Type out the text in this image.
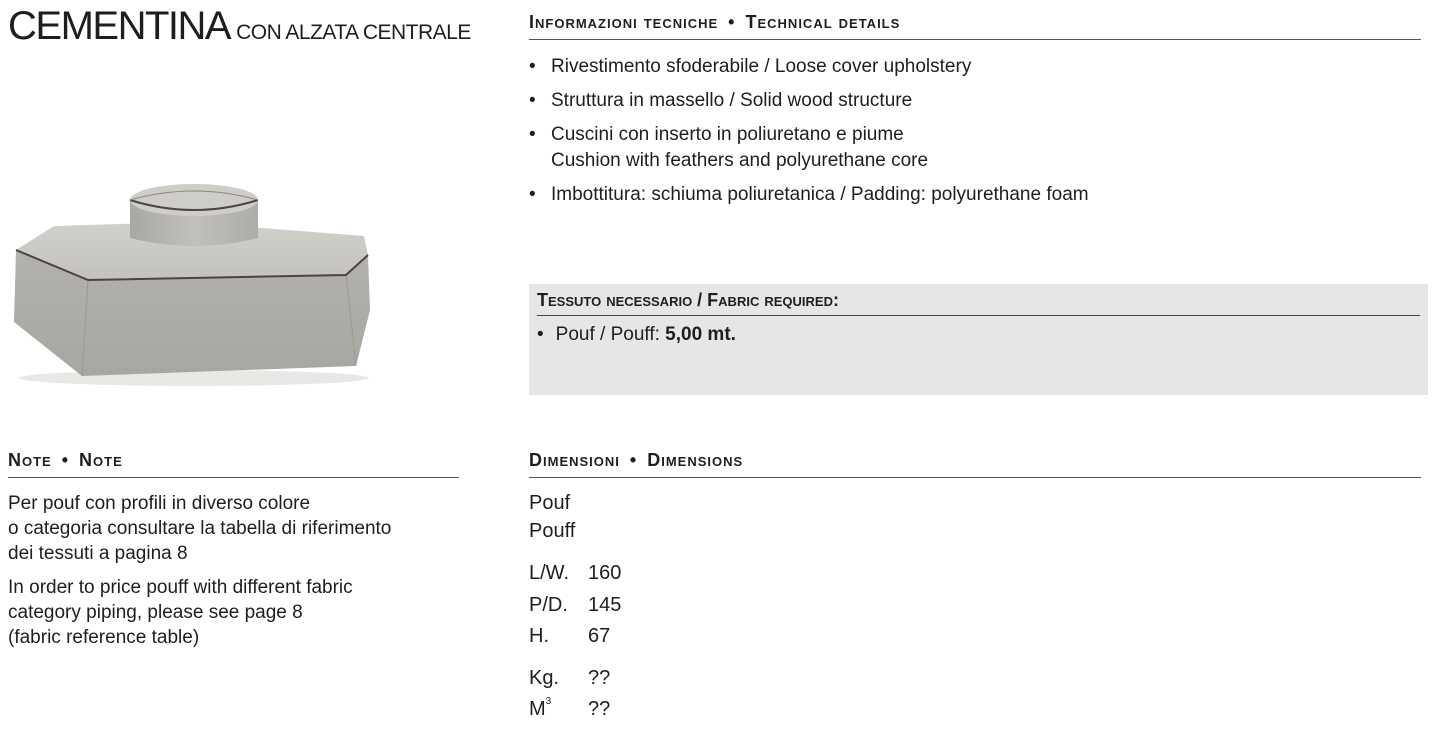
CEMENTINA CON ALZATA CENTRALE	Informazioni tecniche • Technical details
• Rivestimento sfoderabile / Loose cover upholstery
• Struttura in massello / Solid wood structure
• Cuscini con inserto in poliuretano e piume
Cushion with feathers and polyurethane core
• Imbottitura: schiuma poliuretanica / Padding: polyurethane foam
Tessuto necessario / Fabric required:
• Pouf / Pouff: 5,00 mt.
Note • Note
Per pouf con profili in diverso colore
o categoria consultare la tabella di riferimento
dei tessuti a pagina 8
In order to price pouff with different fabric
category piping, please see page 8
(fabric reference table)
Dimensioni • Dimensions
Pouf
Pouff
L/W. 160
P/D. 145
H. 67
Kg. ??
$M^3$ ??
